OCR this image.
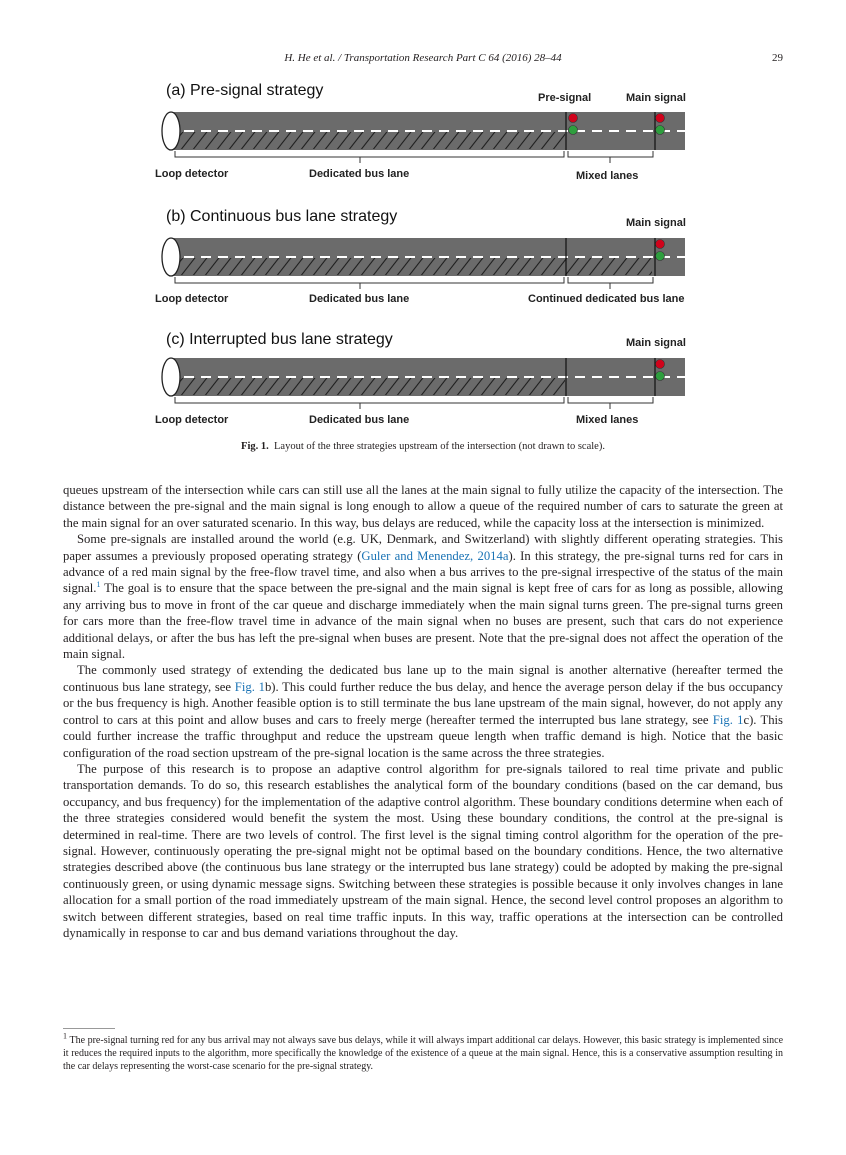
H. He et al. / Transportation Research Part C 64 (2016) 28–44	29
(a) Pre-signal strategy	Pre-signal	Main signal
Loop detector	Dedicated bus lane	Mixed lanes
(b) Continuous bus lane strategy	Main signal
Loop detector	Dedicated bus lane	Continued dedicated bus lane
(c) Interrupted bus lane strategy	Main signal
Loop detector	Dedicated bus lane	Mixed lanes
Fig. 1. Layout of the three strategies upstream of the intersection (not drawn to scale).

queues upstream of the intersection while cars can still use all the lanes at the main signal to fully utilize the capacity of the intersection. The distance between the pre-signal and the main signal is long enough to allow a queue of the required number of cars to saturate the green at the main signal for an over saturated scenario. In this way, bus delays are reduced, while the capacity loss at the intersection is minimized.

Some pre-signals are installed around the world (e.g. UK, Denmark, and Switzerland) with slightly different operating strategies. This paper assumes a previously proposed operating strategy (Guler and Menendez, 2014a). In this strategy, the pre-signal turns red for cars in advance of a red main signal by the free-flow travel time, and also when a bus arrives to the pre-signal irrespective of the status of the main signal.$^1$ The goal is to ensure that the space between the pre-signal and the main signal is kept free of cars for as long as possible, allowing any arriving bus to move in front of the car queue and discharge immediately when the main signal turns green. The pre-signal turns green for cars more than the free-flow travel time in advance of the main signal when no buses are present, such that cars do not experience additional delays, or after the bus has left the pre-signal when buses are present. Note that the pre-signal does not affect the operation of the main signal.

The commonly used strategy of extending the dedicated bus lane up to the main signal is another alternative (hereafter termed the continuous bus lane strategy, see Fig. 1b). This could further reduce the bus delay, and hence the average person delay if the bus occupancy or the bus frequency is high. Another feasible option is to still terminate the bus lane upstream of the main signal, however, do not apply any control to cars at this point and allow buses and cars to freely merge (hereafter termed the interrupted bus lane strategy, see Fig. 1c). This could further increase the traffic throughput and reduce the upstream queue length when traffic demand is high. Notice that the basic configuration of the road section upstream of the pre-signal location is the same across the three strategies.

The purpose of this research is to propose an adaptive control algorithm for pre-signals tailored to real time private and public transportation demands. To do so, this research establishes the analytical form of the boundary conditions (based on the car demand, bus occupancy, and bus frequency) for the implementation of the adaptive control algorithm. These boundary conditions determine when each of the three strategies considered would benefit the system the most. Using these boundary conditions, the control at the pre-signal is determined in real-time. There are two levels of control. The first level is the signal timing control algorithm for the operation of the pre-signal. However, continuously operating the pre-signal might not be optimal based on the boundary conditions. Hence, the two alternative strategies described above (the continuous bus lane strategy or the interrupted bus lane strategy) could be adopted by making the pre-signal continuously green, or using dynamic message signs. Switching between these strategies is possible because it only involves changes in lane allocation for a small portion of the road immediately upstream of the main signal. Hence, the second level control proposes an algorithm to switch between different strategies, based on real time traffic inputs. In this way, traffic operations at the intersection can be controlled dynamically in response to car and bus demand variations throughout the day.

$^1$ The pre-signal turning red for any bus arrival may not always save bus delays, while it will always impart additional car delays. However, this basic strategy is implemented since it reduces the required inputs to the algorithm, more specifically the knowledge of the existence of a queue at the main signal. Hence, this is a conservative assumption resulting in the car delays representing the worst-case scenario for the pre-signal strategy.
